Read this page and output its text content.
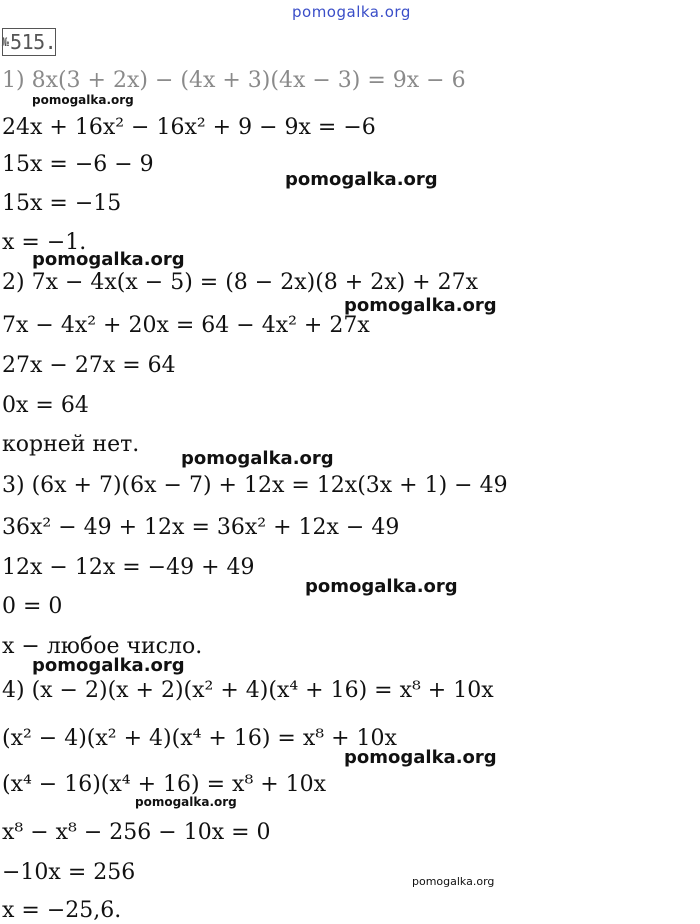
pomogalka.org
№ 515.
1) 8x(3 + 2x) − (4x + 3)(4x − 3) = 9x − 6
24x + 16x² − 16x² + 9 − 9x = −6
15x = −6 − 9
15x = −15
x = −1.
2) 7x − 4x(x − 5) = (8 − 2x)(8 + 2x) + 27x
7x − 4x² + 20x = 64 − 4x² + 27x
27x − 27x = 64
0x = 64
корней нет.
3) (6x + 7)(6x − 7) + 12x = 12x(3x + 1) − 49
36x² − 49 + 12x = 36x² + 12x − 49
12x − 12x = −49 + 49
0 = 0
x − любое число.
4) (x − 2)(x + 2)(x² + 4)(x⁴ + 16) = x⁸ + 10x
(x² − 4)(x² + 4)(x⁴ + 16) = x⁸ + 10x
(x⁴ − 16)(x⁴ + 16) = x⁸ + 10x
x⁸ − x⁸ − 256 − 10x = 0
−10x = 256
x = −25,6.
pomogalka.org
pomogalka.org
pomogalka.org
pomogalka.org
pomogalka.org
pomogalka.org
pomogalka.org
pomogalka.org
pomogalka.org
pomogalka.org
